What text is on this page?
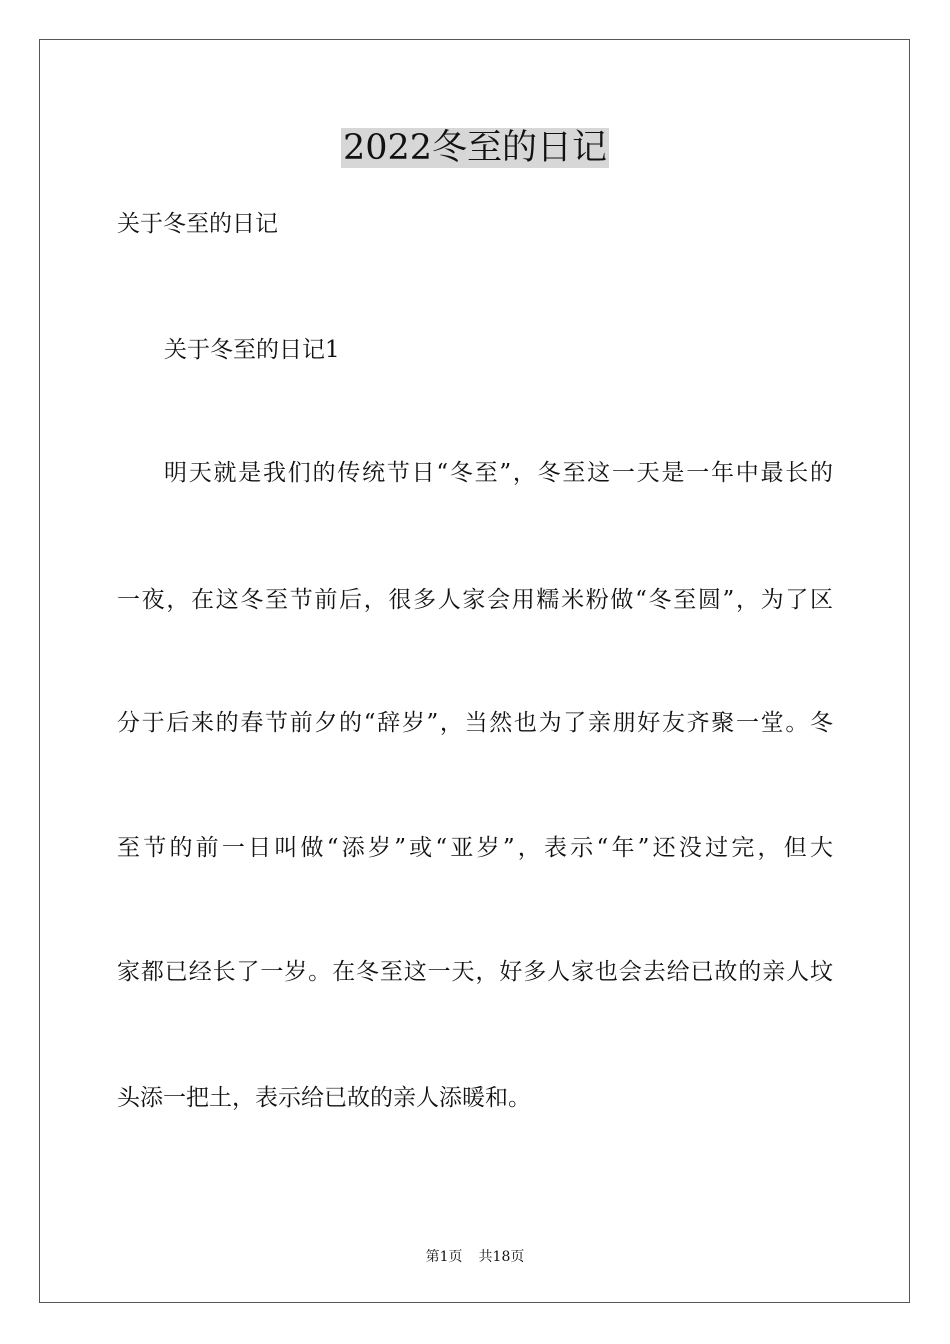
2022冬至的日记
关于冬至的日记
关于冬至的日记1
明天就是我们的传统节日“冬至”，冬至这一天是一年中最长的
一夜，在这冬至节前后，很多人家会用糯米粉做“冬至圆”，为了区
分于后来的春节前夕的“辞岁”，当然也为了亲朋好友齐聚一堂。冬
至节的前一日叫做“添岁”或“亚岁”，表示“年”还没过完，但大
家都已经长了一岁。在冬至这一天，好多人家也会去给已故的亲人坟
头添一把土，表示给已故的亲人添暖和。
第1页 共18页
